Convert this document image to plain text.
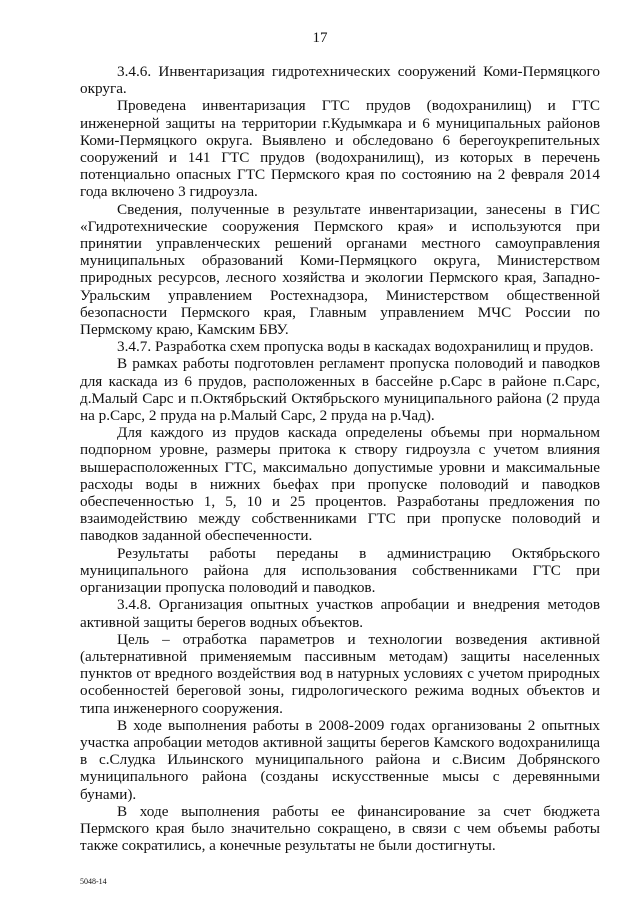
17

3.4.6. Инвентаризация гидротехнических сооружений Коми-Пермяцкого округа.

Проведена инвентаризация ГТС прудов (водохранилищ) и ГТС инженерной защиты на территории г.Кудымкара и 6 муниципальных районов Коми-Пермяцкого округа. Выявлено и обследовано 6 берегоукрепительных сооружений и 141 ГТС прудов (водохранилищ), из которых в перечень потенциально опасных ГТС Пермского края по состоянию на 2 февраля 2014 года включено 3 гидроузла.

Сведения, полученные в результате инвентаризации, занесены в ГИС «Гидротехнические сооружения Пермского края» и используются при принятии управленческих решений органами местного самоуправления муниципальных образований Коми-Пермяцкого округа, Министерством природных ресурсов, лесного хозяйства и экологии Пермского края, Западно-Уральским управлением Ростехнадзора, Министерством общественной безопасности Пермского края, Главным управлением МЧС России по Пермскому краю, Камским БВУ.

3.4.7. Разработка схем пропуска воды в каскадах водохранилищ и прудов.

В рамках работы подготовлен регламент пропуска половодий и паводков для каскада из 6 прудов, расположенных в бассейне р.Сарс в районе п.Сарс, д.Малый Сарс и п.Октябрьский Октябрьского муниципального района (2 пруда на р.Сарс, 2 пруда на р.Малый Сарс, 2 пруда на р.Чад).

Для каждого из прудов каскада определены объемы при нормальном подпорном уровне, размеры притока к створу гидроузла с учетом влияния вышерасположенных ГТС, максимально допустимые уровни и максимальные расходы воды в нижних бьефах при пропуске половодий и паводков обеспеченностью 1, 5, 10 и 25 процентов. Разработаны предложения по взаимодействию между собственниками ГТС при пропуске половодий и паводков заданной обеспеченности.

Результаты работы переданы в администрацию Октябрьского муниципального района для использования собственниками ГТС при организации пропуска половодий и паводков.

3.4.8. Организация опытных участков апробации и внедрения методов активной защиты берегов водных объектов.

Цель – отработка параметров и технологии возведения активной (альтернативной применяемым пассивным методам) защиты населенных пунктов от вредного воздействия вод в натурных условиях с учетом природных особенностей береговой зоны, гидрологического режима водных объектов и типа инженерного сооружения.

В ходе выполнения работы в 2008-2009 годах организованы 2 опытных участка апробации методов активной защиты берегов Камского водохранилища в с.Слудка Ильинского муниципального района и с.Висим Добрянского муниципального района (созданы искусственные мысы с деревянными бунами).

В ходе выполнения работы ее финансирование за счет бюджета Пермского края было значительно сокращено, в связи с чем объемы работы также сократились, а конечные результаты не были достигнуты.

5048-14
